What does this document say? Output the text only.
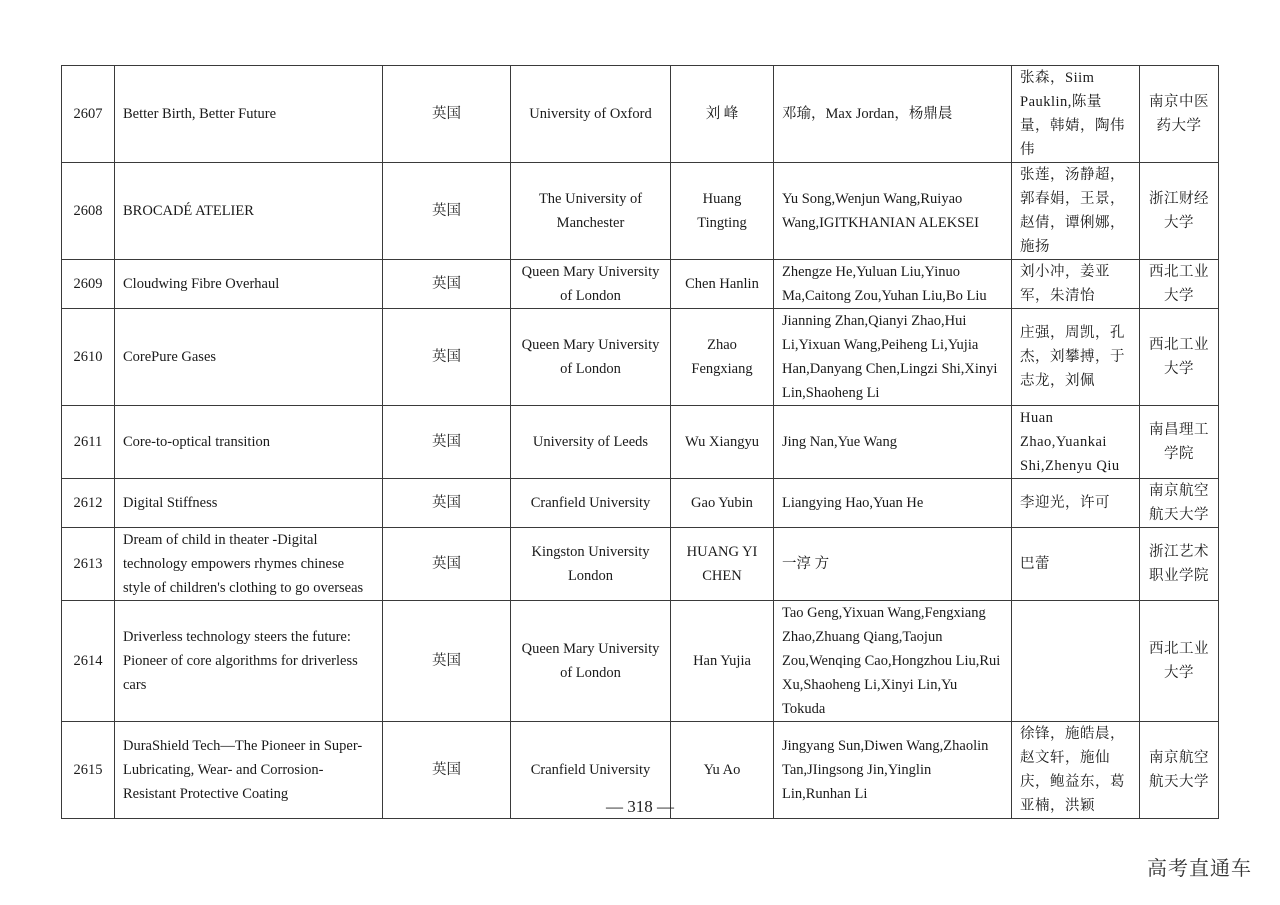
2607	Better Birth, Better Future	英国	University of Oxford	刘 峰	邓瑜，Max Jordan，杨鼎晨	张森，Siim Pauklin,陈量量，韩婧，陶伟伟	南京中医药大学
2608	BROCADÉ ATELIER	英国	The University of Manchester	Huang Tingting	Yu Song,Wenjun Wang,Ruiyao Wang,IGITKHANIAN ALEKSEI	张莲，汤静超，郭春娟，王景，赵倩，谭俐娜，施扬	浙江财经大学
2609	Cloudwing Fibre Overhaul	英国	Queen Mary University of London	Chen Hanlin	Zhengze He,Yuluan Liu,Yinuo Ma,Caitong Zou,Yuhan Liu,Bo Liu	刘小冲，姜亚军，朱清怡	西北工业大学
2610	CorePure Gases	英国	Queen Mary University of London	Zhao Fengxiang	Jianning Zhan,Qianyi Zhao,Hui Li,Yixuan Wang,Peiheng Li,Yujia Han,Danyang Chen,Lingzi Shi,Xinyi Lin,Shaoheng Li	庄强，周凯，孔杰，刘攀搏，于志龙，刘佩	西北工业大学
2611	Core-to-optical transition	英国	University of Leeds	Wu Xiangyu	Jing Nan,Yue Wang	Huan Zhao,Yuankai Shi,Zhenyu Qiu	南昌理工学院
2612	Digital Stiffness	英国	Cranfield University	Gao Yubin	Liangying Hao,Yuan He	李迎光，许可	南京航空航天大学
2613	Dream of child in theater -Digital technology empowers rhymes chinese style of children's clothing to go overseas	英国	Kingston University London	HUANG YI CHEN	一淳 方	巴蕾	浙江艺术职业学院
2614	Driverless technology steers the future: Pioneer of core algorithms for driverless cars	英国	Queen Mary University of London	Han Yujia	Tao Geng,Yixuan Wang,Fengxiang Zhao,Zhuang Qiang,Taojun Zou,Wenqing Cao,Hongzhou Liu,Rui Xu,Shaoheng Li,Xinyi Lin,Yu Tokuda		西北工业大学
2615	DuraShield Tech—The Pioneer in Super-Lubricating, Wear- and Corrosion-Resistant Protective Coating	英国	Cranfield University	Yu Ao	Jingyang Sun,Diwen Wang,Zhaolin Tan,JIingsong Jin,Yinglin Lin,Runhan Li	徐锋，施皓晨，赵文轩，施仙庆，鲍益东，葛亚楠，洪颖	南京航空航天大学
— 318 —
高考直通车
